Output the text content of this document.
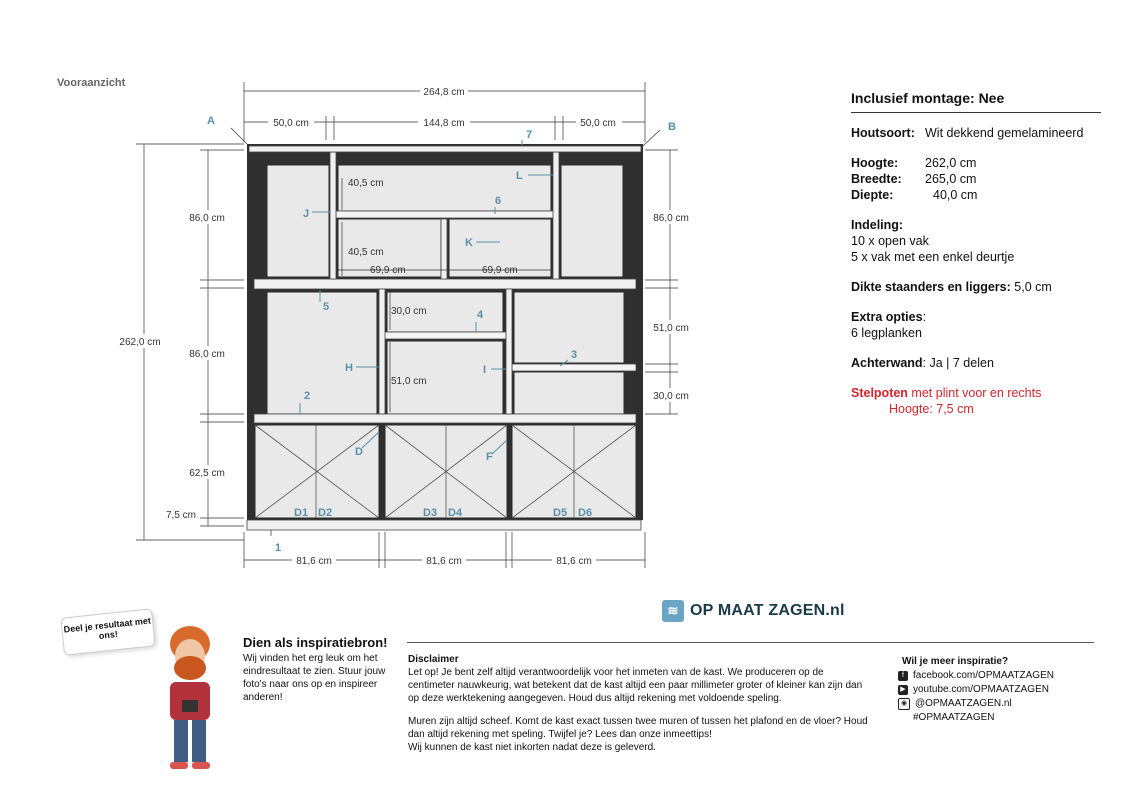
Vooraanzicht
264,8 cm
50,0 cm	144,8 cm	50,0 cm
262,0 cm
86,0 cm
86,0 cm
62,5 cm
7,5 cm
86,0 cm
51,0 cm
30,0 cm
40,5 cm
40,5 cm
69,9 cm	69,9 cm
30,0 cm
51,0 cm
81,6 cm	81,6 cm	81,6 cm
A	B
J
L
K
H	I
D	F
1
2
3
4
5
6
7
D1 D2	D3 D4	D5 D6
Inclusief montage: Nee
Houtsoort: Wit dekkend gemelamineerd
Hoogte:	262,0 cm
Breedte:	265,0 cm
Diepte:	40,0 cm
Indeling:
10 x open vak
5 x vak met een enkel deurtje
Dikte staanders en liggers: 5,0 cm
Extra opties:
6 legplanken
Achterwand: Ja | 7 delen
Stelpoten met plint voor en rechts
Hoogte: 7,5 cm
≋ OP MAAT ZAGEN.nl
Deel je resultaat met ons!
Dien als inspiratiebron!
Wij vinden het erg leuk om het eindresultaat te zien. Stuur jouw foto's naar ons op en inspireer anderen!
Disclaimer
Let op! Je bent zelf altijd verantwoordelijk voor het inmeten van de kast. We produceren op de centimeter nauwkeurig, wat betekent dat de kast altijd een paar millimeter groter of kleiner kan zijn dan op deze werktekening aangegeven. Houd dus altijd rekening met voldoende speling.
Muren zijn altijd scheef. Komt de kast exact tussen twee muren of tussen het plafond en de vloer? Houd dan altijd rekening met speling. Twijfel je? Lees dan onze inmeettips!
Wij kunnen de kast niet inkorten nadat deze is geleverd.
Wil je meer inspiratie?
f facebook.com/OPMAATZAGEN
▶ youtube.com/OPMAATZAGEN
◉ @OPMAATZAGEN.nl
#OPMAATZAGEN
